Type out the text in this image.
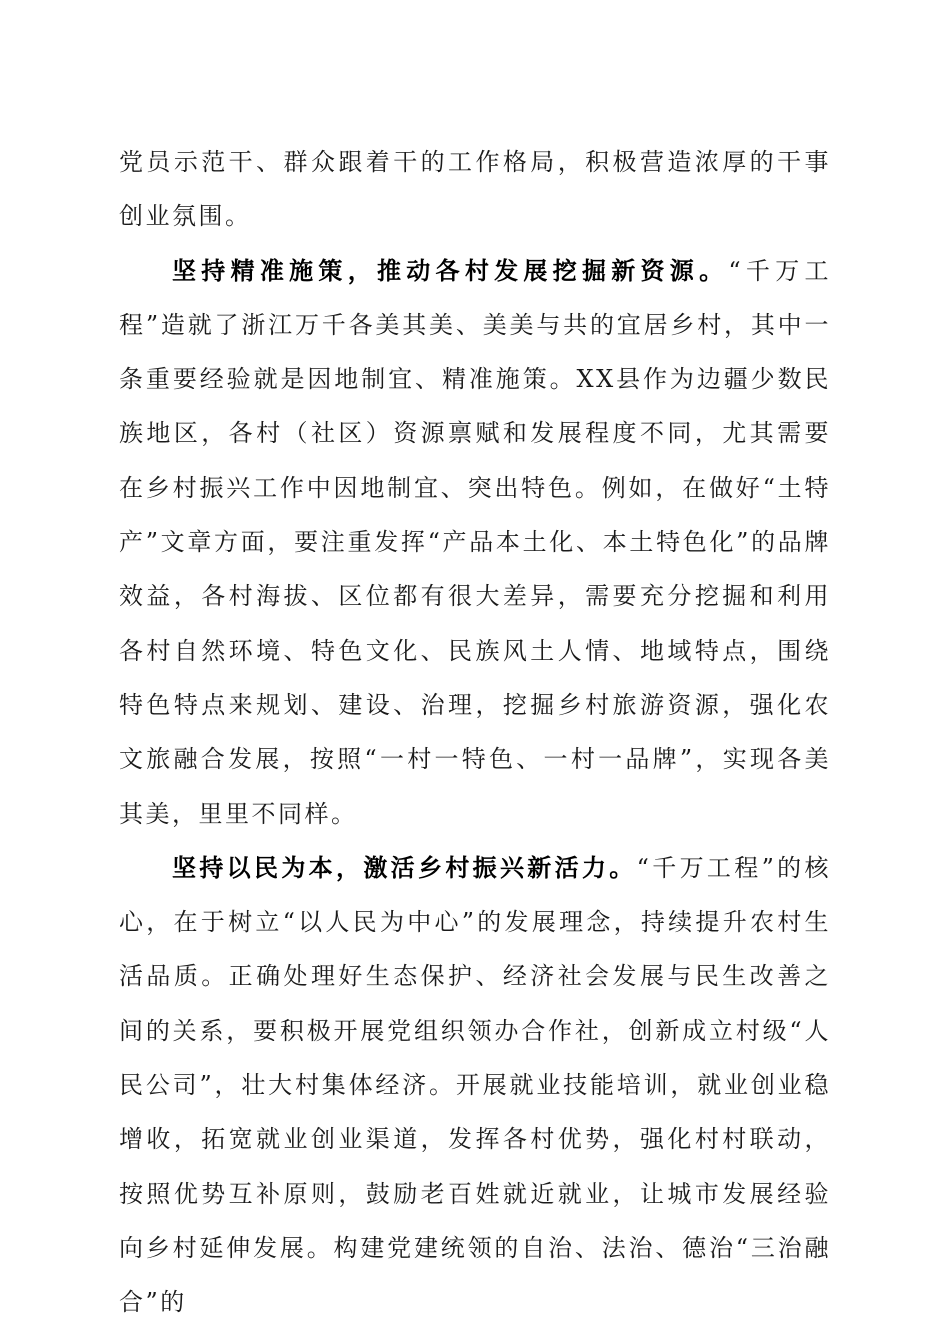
党员示范干、群众跟着干的工作格局，积极营造浓厚的干事创业氛围。

坚持精准施策，推动各村发展挖掘新资源。“千万工程”造就了浙江万千各美其美、美美与共的宜居乡村，其中一条重要经验就是因地制宜、精准施策。XX县作为边疆少数民族地区，各村（社区）资源禀赋和发展程度不同，尤其需要在乡村振兴工作中因地制宜、突出特色。例如，在做好“土特产”文章方面，要注重发挥“产品本土化、本土特色化”的品牌效益，各村海拔、区位都有很大差异，需要充分挖掘和利用各村自然环境、特色文化、民族风土人情、地域特点，围绕特色特点来规划、建设、治理，挖掘乡村旅游资源，强化农文旅融合发展，按照“一村一特色、一村一品牌”，实现各美其美，里里不同样。

坚持以民为本，激活乡村振兴新活力。“千万工程”的核心，在于树立“以人民为中心”的发展理念，持续提升农村生活品质。正确处理好生态保护、经济社会发展与民生改善之间的关系，要积极开展党组织领办合作社，创新成立村级“人民公司”，壮大村集体经济。开展就业技能培训，就业创业稳增收，拓宽就业创业渠道，发挥各村优势，强化村村联动，按照优势互补原则，鼓励老百姓就近就业，让城市发展经验向乡村延伸发展。构建党建统领的自治、法治、德治“三治融合”的
